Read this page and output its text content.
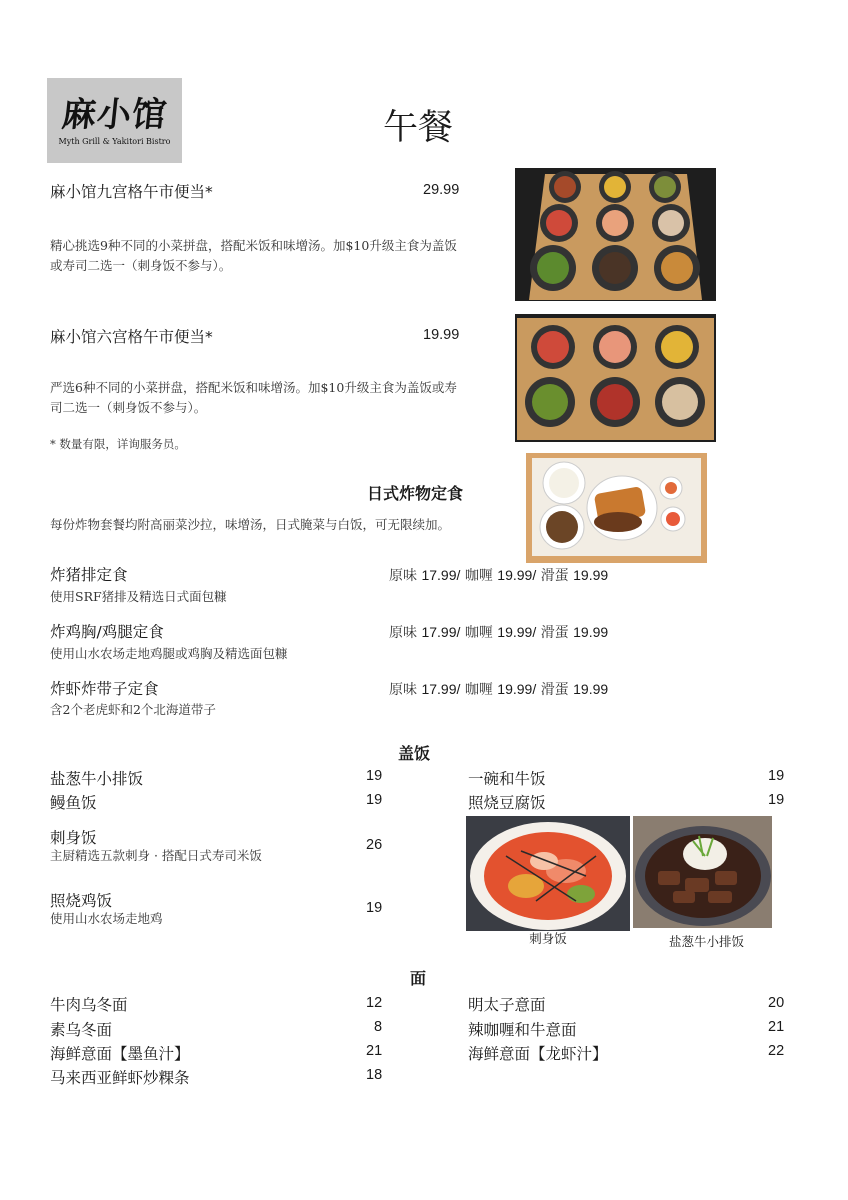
麻小馆
Myth Grill & Yakitori Bistro	午餐
麻小馆九宫格午市便当*	29.99
精心挑选9种不同的小菜拼盘，搭配米饭和味增汤。加$10升级主食为盖饭或寿司二选一（刺身饭不参与）。
麻小馆六宫格午市便当*	19.99
严选6种不同的小菜拼盘，搭配米饭和味增汤。加$10升级主食为盖饭或寿司二选一（刺身饭不参与）。
* 数量有限，详询服务员。
日式炸物定食
每份炸物套餐均附高丽菜沙拉，味增汤，日式腌菜与白饭，可无限续加。
炸猪排定食	原味 17.99/ 咖喱 19.99/ 滑蛋 19.99
使用SRF猪排及精选日式面包糠
炸鸡胸/鸡腿定食	原味 17.99/ 咖喱 19.99/ 滑蛋 19.99
使用山水农场走地鸡腿或鸡胸及精选面包糠
炸虾炸带子定食	原味 17.99/ 咖喱 19.99/ 滑蛋 19.99
含2个老虎虾和2个北海道带子
盖饭
盐葱牛小排饭	19
鳗鱼饭	19
刺身饭	26
主厨精选五款刺身 · 搭配日式寿司米饭
照烧鸡饭	19
使用山水农场走地鸡
一碗和牛饭	19
照烧豆腐饭	19
刺身饭	盐葱牛小排饭
面
牛肉乌冬面	12
素乌冬面	8
海鲜意面【墨鱼汁】	21
马来西亚鲜虾炒粿条	18
明太子意面	20
辣咖喱和牛意面	21
海鲜意面【龙虾汁】	22
